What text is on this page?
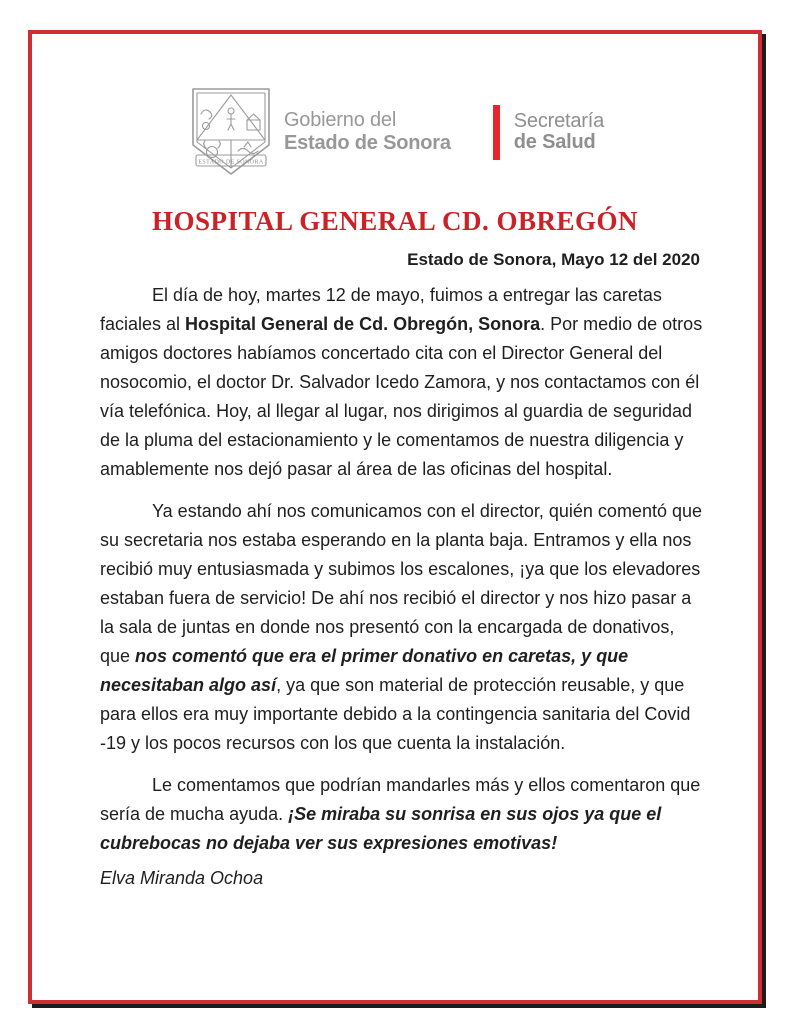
ESTADO DE SONORA
Gobierno del
Estado de Sonora
Secretaría
de Salud
HOSPITAL GENERAL CD. OBREGÓN
Estado de Sonora, Mayo 12 del 2020

El día de hoy, martes 12 de mayo, fuimos a entregar las caretas faciales al Hospital General de Cd. Obregón, Sonora. Por medio de otros amigos doctores habíamos concertado cita con el Director General del nosocomio, el doctor Dr. Salvador Icedo Zamora, y nos contactamos con él vía telefónica. Hoy, al llegar al lugar, nos dirigimos al guardia de seguridad de la pluma del estacionamiento y le comentamos de nuestra diligencia y amablemente nos dejó pasar al área de las oficinas del hospital.

Ya estando ahí nos comunicamos con el director, quién comentó que su secretaria nos estaba esperando en la planta baja. Entramos y ella nos recibió muy entusiasmada y subimos los escalones, ¡ya que los elevadores estaban fuera de servicio! De ahí nos recibió el director y nos hizo pasar a la sala de juntas en donde nos presentó con la encargada de donativos, que nos comentó que era el primer donativo en caretas, y que necesitaban algo así, ya que son material de protección reusable, y que para ellos era muy importante debido a la contingencia sanitaria del Covid -19 y los pocos recursos con los que cuenta la instalación.

Le comentamos que podrían mandarles más y ellos comentaron que sería de mucha ayuda. ¡Se miraba su sonrisa en sus ojos ya que el cubrebocas no dejaba ver sus expresiones emotivas!

Elva Miranda Ochoa
